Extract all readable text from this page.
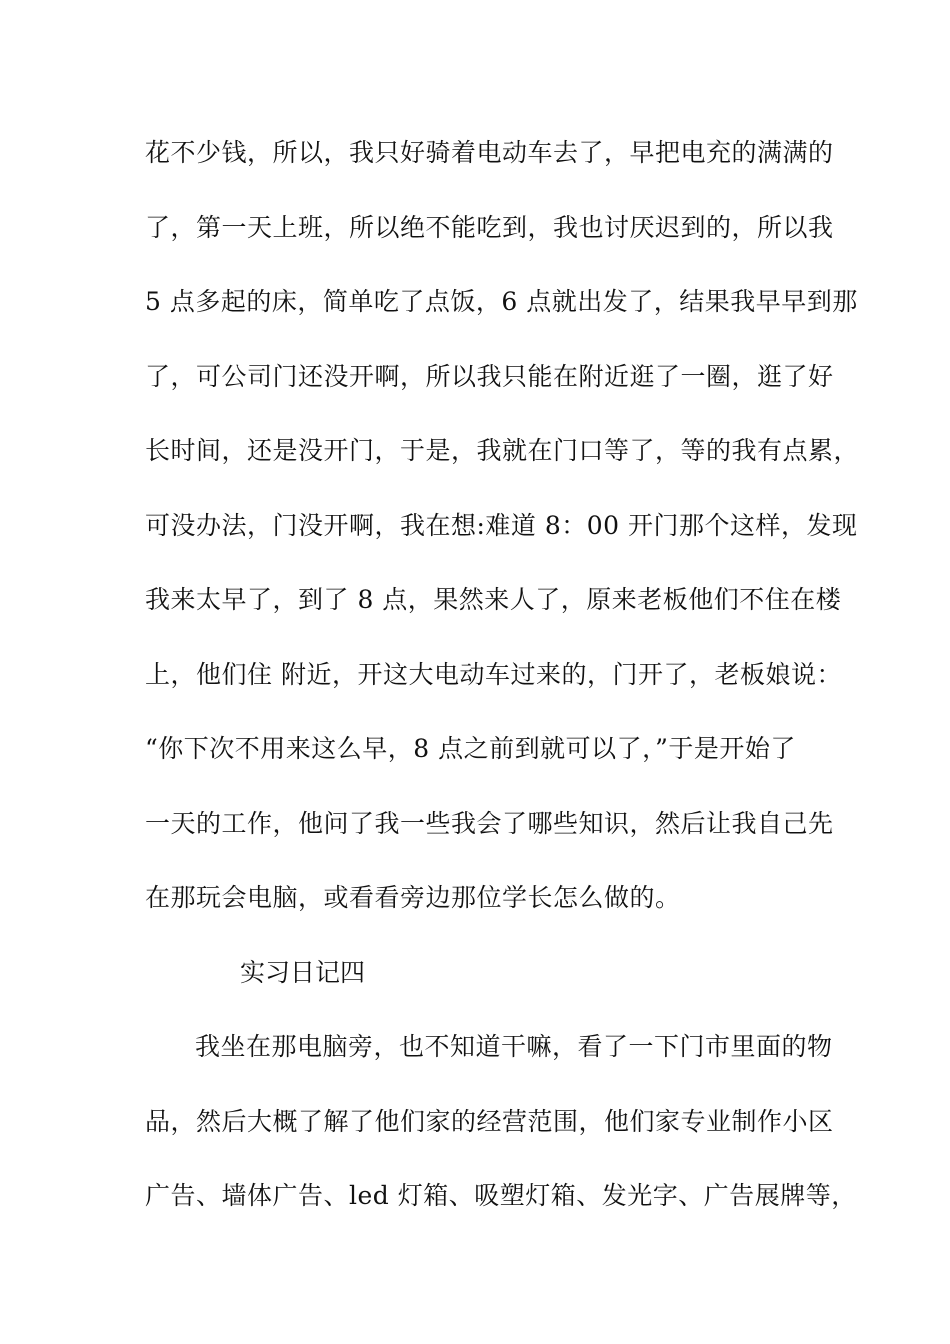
花不少钱，所以，我只好骑着电动车去了，早把电充的满满的
了，第一天上班，所以绝不能吃到，我也讨厌迟到的，所以我
5 点多起的床，简单吃了点饭，6 点就出发了，结果我早早到那
了，可公司门还没开啊，所以我只能在附近逛了一圈，逛了好
长时间，还是没开门，于是，我就在门口等了，等的我有点累，
可没办法，门没开啊，我在想:难道 8：00 开门那个这样，发现
我来太早了，到了 8 点，果然来人了，原来老板他们不住在楼
上，他们住 附近，开这大电动车过来的，门开了，老板娘说：
“你下次不用来这么早，8 点之前到就可以了，”于是开始了
一天的工作，他问了我一些我会了哪些知识，然后让我自己先
在那玩会电脑，或看看旁边那位学长怎么做的。
实习日记四
我坐在那电脑旁，也不知道干嘛，看了一下门市里面的物
品，然后大概了解了他们家的经营范围，他们家专业制作小区
广告、墙体广告、led 灯箱、吸塑灯箱、发光字、广告展牌等，
